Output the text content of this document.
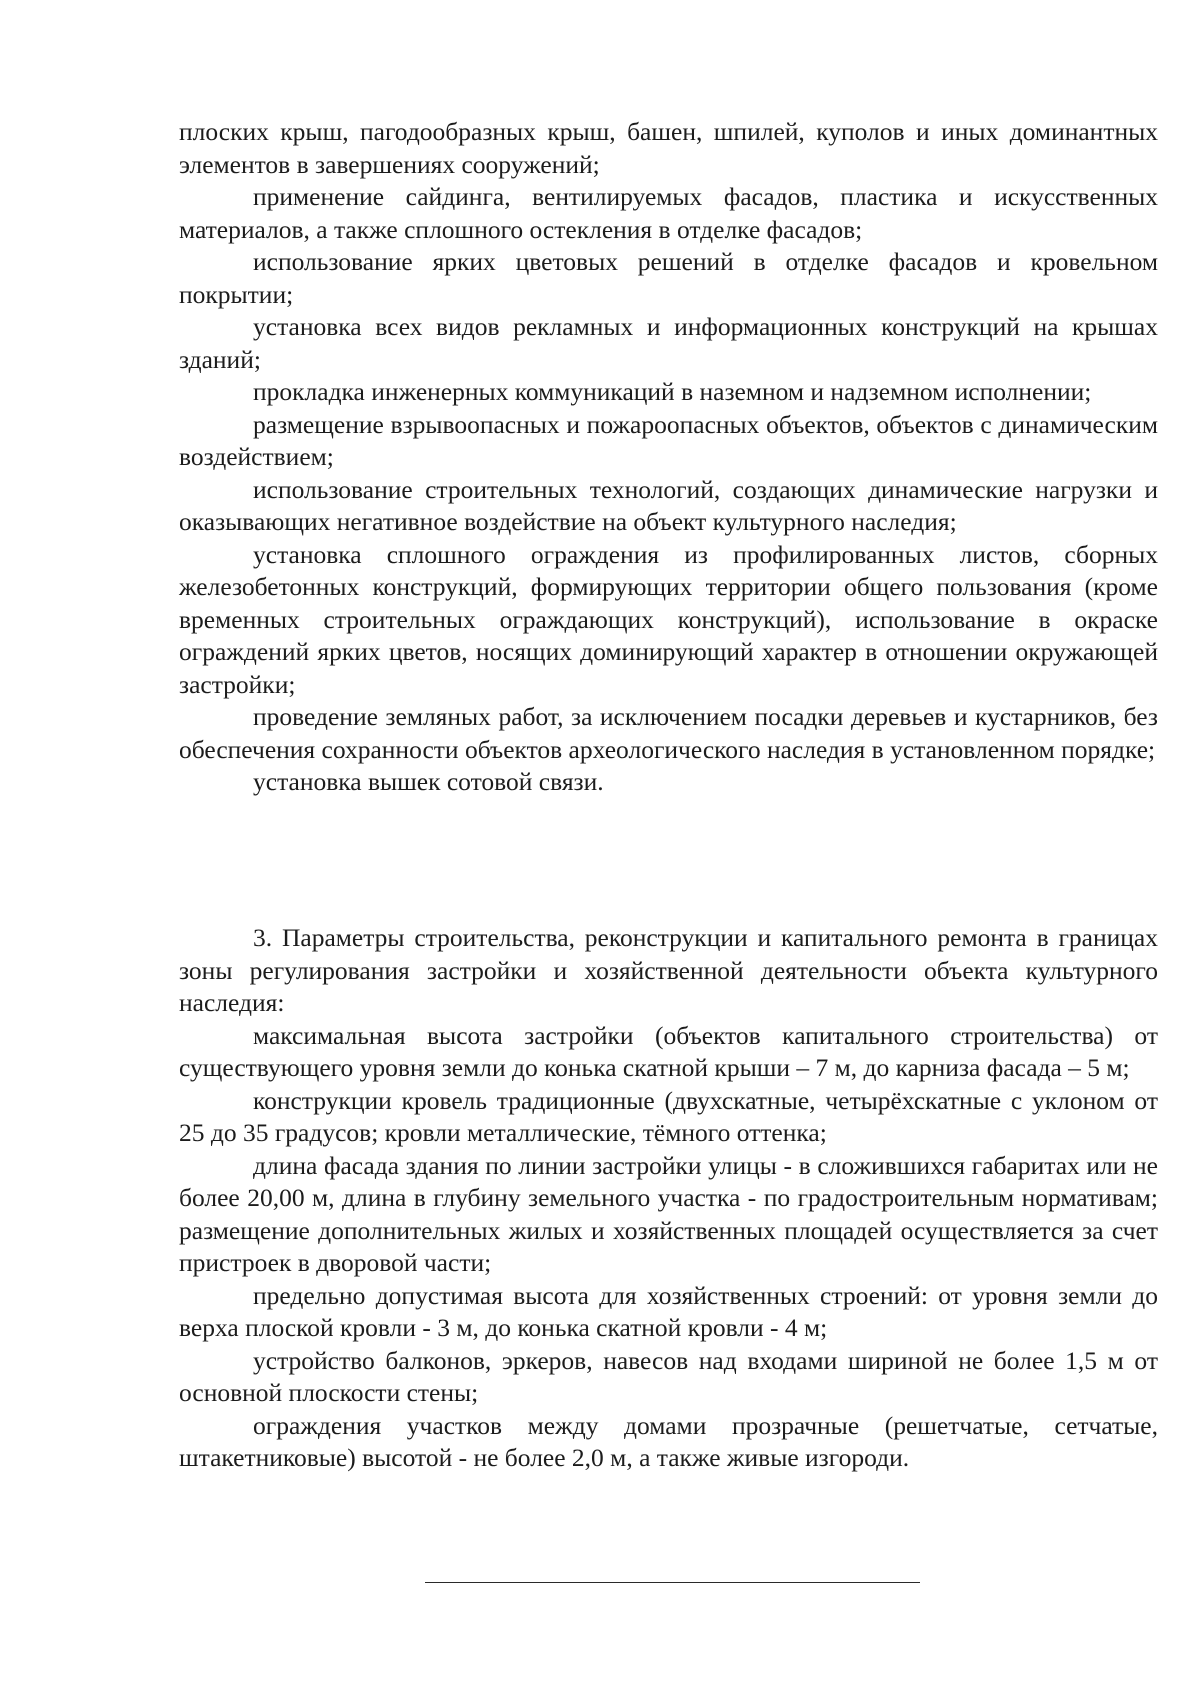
плоских крыш, пагодообразных крыш, башен, шпилей, куполов и иных доминантных элементов в завершениях сооружений;

применение сайдинга, вентилируемых фасадов, пластика и искусственных материалов, а также сплошного остекления в отделке фасадов;

использование ярких цветовых решений в отделке фасадов и кровельном покрытии;

установка всех видов рекламных и информационных конструкций на крышах зданий;

прокладка инженерных коммуникаций в наземном и надземном исполнении;

размещение взрывоопасных и пожароопасных объектов, объектов с динамическим воздействием;

использование строительных технологий, создающих динамические нагрузки и оказывающих негативное воздействие на объект культурного наследия;

установка сплошного ограждения из профилированных листов, сборных железобетонных конструкций, формирующих территории общего пользования (кроме временных строительных ограждающих конструкций), использование в окраске ограждений ярких цветов, носящих доминирующий характер в отношении окружающей застройки;

проведение земляных работ, за исключением посадки деревьев и кустарников, без обеспечения сохранности объектов археологического наследия в установленном порядке;

установка вышек сотовой связи.

3. Параметры строительства, реконструкции и капитального ремонта в границах зоны регулирования застройки и хозяйственной деятельности объекта культурного наследия:

максимальная высота застройки (объектов капитального строительства) от существующего уровня земли до конька скатной крыши – 7 м, до карниза фасада – 5 м;

конструкции кровель традиционные (двухскатные, четырёхскатные с уклоном от 25 до 35 градусов; кровли металлические, тёмного оттенка;

длина фасада здания по линии застройки улицы - в сложившихся габаритах или не более 20,00 м, длина в глубину земельного участка - по градостроительным нормативам; размещение дополнительных жилых и хозяйственных площадей осуществляется за счет пристроек в дворовой части;

предельно допустимая высота для хозяйственных строений: от уровня земли до верха плоской кровли - 3 м, до конька скатной кровли - 4 м;

устройство балконов, эркеров, навесов над входами шириной не более 1,5 м от основной плоскости стены;

ограждения участков между домами прозрачные (решетчатые, сетчатые, штакетниковые) высотой - не более 2,0 м, а также живые изгороди.
